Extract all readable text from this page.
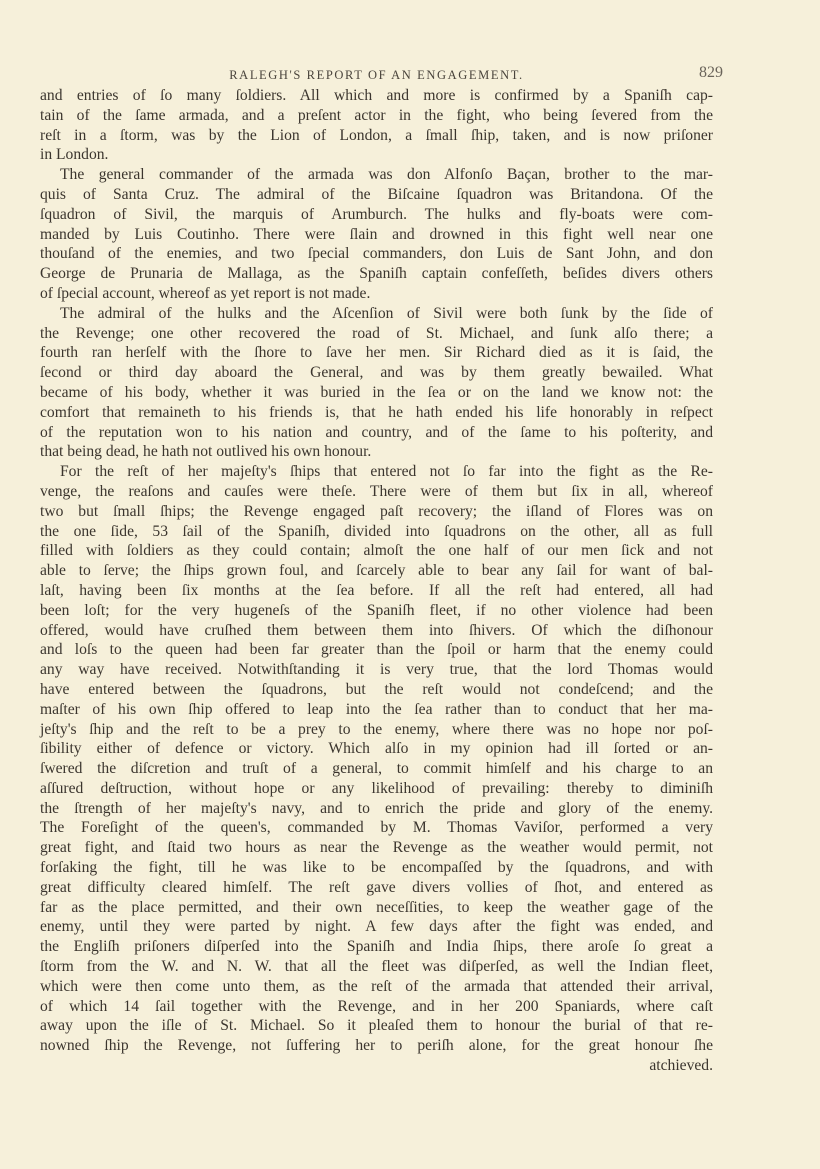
RALEGH'S REPORT OF AN ENGAGEMENT.	829
and entries of ſo many ſoldiers. All which and more is confirmed by a Spaniſh cap-
tain of the ſame armada, and a preſent actor in the fight, who being ſevered from the
reſt in a ſtorm, was by the Lion of London, a ſmall ſhip, taken, and is now priſoner
in London.
The general commander of the armada was don Alfonſo Baçan, brother to the mar-
quis of Santa Cruz. The admiral of the Biſcaine ſquadron was Britandona. Of the
ſquadron of Sivil, the marquis of Arumburch. The hulks and fly-boats were com-
manded by Luis Coutinho. There were ſlain and drowned in this fight well near one
thouſand of the enemies, and two ſpecial commanders, don Luis de Sant John, and don
George de Prunaria de Mallaga, as the Spaniſh captain confeſſeth, beſides divers others
of ſpecial account, whereof as yet report is not made.
The admiral of the hulks and the Aſcenſion of Sivil were both ſunk by the ſide of
the Revenge; one other recovered the road of St. Michael, and ſunk alſo there; a
fourth ran herſelf with the ſhore to ſave her men. Sir Richard died as it is ſaid, the
ſecond or third day aboard the General, and was by them greatly bewailed. What
became of his body, whether it was buried in the ſea or on the land we know not: the
comfort that remaineth to his friends is, that he hath ended his life honorably in reſpect
of the reputation won to his nation and country, and of the ſame to his poſterity, and
that being dead, he hath not outlived his own honour.
For the reſt of her majeſty's ſhips that entered not ſo far into the fight as the Re-
venge, the reaſons and cauſes were theſe. There were of them but ſix in all, whereof
two but ſmall ſhips; the Revenge engaged paſt recovery; the iſland of Flores was on
the one ſide, 53 ſail of the Spaniſh, divided into ſquadrons on the other, all as full
filled with ſoldiers as they could contain; almoſt the one half of our men ſick and not
able to ſerve; the ſhips grown foul, and ſcarcely able to bear any ſail for want of bal-
laſt, having been ſix months at the ſea before. If all the reſt had entered, all had
been loſt; for the very hugeneſs of the Spaniſh fleet, if no other violence had been
offered, would have cruſhed them between them into ſhivers. Of which the diſhonour
and loſs to the queen had been far greater than the ſpoil or harm that the enemy could
any way have received. Notwithſtanding it is very true, that the lord Thomas would
have entered between the ſquadrons, but the reſt would not condeſcend; and the
maſter of his own ſhip offered to leap into the ſea rather than to conduct that her ma-
jeſty's ſhip and the reſt to be a prey to the enemy, where there was no hope nor poſ-
ſibility either of defence or victory. Which alſo in my opinion had ill ſorted or an-
ſwered the diſcretion and truſt of a general, to commit himſelf and his charge to an
aſſured deſtruction, without hope or any likelihood of prevailing: thereby to diminiſh
the ſtrength of her majeſty's navy, and to enrich the pride and glory of the enemy.
The Foreſight of the queen's, commanded by M. Thomas Vaviſor, performed a very
great fight, and ſtaid two hours as near the Revenge as the weather would permit, not
forſaking the fight, till he was like to be encompaſſed by the ſquadrons, and with
great difficulty cleared himſelf. The reſt gave divers vollies of ſhot, and entered as
far as the place permitted, and their own neceſſities, to keep the weather gage of the
enemy, until they were parted by night. A few days after the fight was ended, and
the Engliſh priſoners diſperſed into the Spaniſh and India ſhips, there aroſe ſo great a
ſtorm from the W. and N. W. that all the fleet was diſperſed, as well the Indian fleet,
which were then come unto them, as the reſt of the armada that attended their arrival,
of which 14 ſail together with the Revenge, and in her 200 Spaniards, where caſt
away upon the iſle of St. Michael. So it pleaſed them to honour the burial of that re-
nowned ſhip the Revenge, not ſuffering her to periſh alone, for the great honour ſhe
atchieved.
